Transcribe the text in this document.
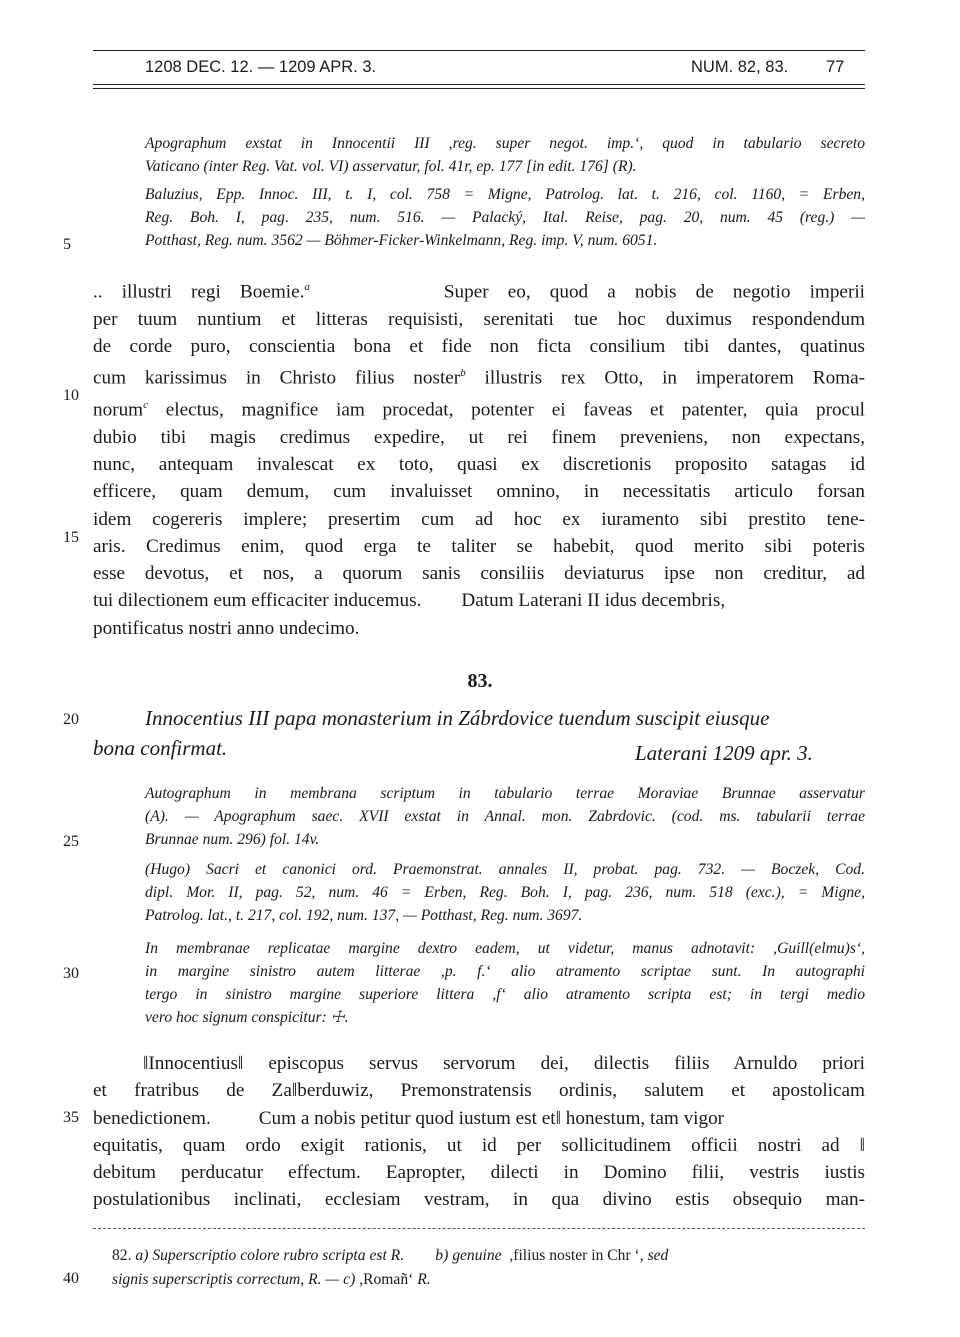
1208 DEC. 12. — 1209 APR. 3.	NUM. 82, 83. 77
Apographum exstat in Innocentii III ,reg. super negot. imp.‘, quod in tabulario secreto
Vaticano (inter Reg. Vat. vol. VI) asservatur, fol. 41r, ep. 177 [in edit. 176] (R).
Baluzius, Epp. Innoc. III, t. I, col. 758 = Migne, Patrolog. lat. t. 216, col. 1160, = Erben,
Reg. Boh. I, pag. 235, num. 516. — Palacký, Ital. Reise, pag. 20, num. 45 (reg.) —
Potthast, Reg. num. 3562 — Böhmer-Ficker-Winkelmann, Reg. imp. V, num. 6051.
5
.. illustri regi Boemie.$^a$	Super eo, quod a nobis de negotio imperii
per tuum nuntium et litteras requisisti, serenitati tue hoc duximus respondendum
de corde puro, conscientia bona et fide non ficta consilium tibi dantes, quatinus
cum karissimus in Christo filius noster$^b$ illustris rex Otto, in imperatorem Roma-
norum$^c$ electus, magnifice iam procedat, potenter ei faveas et patenter, quia procul
dubio tibi magis credimus expedire, ut rei finem preveniens, non expectans,
nunc, antequam invalescat ex toto, quasi ex discretionis proposito satagas id
efficere, quam demum, cum invaluisset omnino, in necessitatis articulo forsan
idem cogereris implere; presertim cum ad hoc ex iuramento sibi prestito tene-
aris. Credimus enim, quod erga te taliter se habebit, quod merito sibi poteris
esse devotus, et nos, a quorum sanis consiliis deviaturus ipse non creditur, ad
tui dilectionem eum efficaciter inducemus. Datum Laterani II idus decembris,
pontificatus nostri anno undecimo.
10
15
83.
Innocentius III papa monasterium in Zábrdovice tuendum suscipit eiusque
bona confirmat.	Laterani 1209 apr. 3.
20
Autographum in membrana scriptum in tabulario terrae Moraviae Brunnae asservatur
(A). — Apographum saec. XVII exstat in Annal. mon. Zabrdovic. (cod. ms. tabularii terrae
Brunnae num. 296) fol. 14v.
25
(Hugo) Sacri et canonici ord. Praemonstrat. annales II, probat. pag. 732. — Boczek, Cod.
dipl. Mor. II, pag. 52, num. 46 = Erben, Reg. Boh. I, pag. 236, num. 518 (exc.), = Migne,
Patrolog. lat., t. 217, col. 192, num. 137, — Potthast, Reg. num. 3697.
In membranae replicatae margine dextro eadem, ut videtur, manus adnotavit: ,Guill(elmu)s‘,
in margine sinistro autem litterae ,p. f.‘ alio atramento scriptae sunt. In autographi
tergo in sinistro margine superiore littera ,f‘ alio atramento scripta est; in tergi medio
vero hoc signum conspicitur: ☩.
30
‖Innocentius‖ episcopus servus servorum dei, dilectis filiis Arnuldo priori
et fratribus de Za‖berduwiz, Premonstratensis ordinis, salutem et apostolicam
benedictionem.	Cum a nobis petitur quod iustum est et‖ honestum, tam vigor
equitatis, quam ordo exigit rationis, ut id per sollicitudinem officii nostri ad ‖
debitum perducatur effectum. Eapropter, dilecti in Domino filii, vestris iustis
postulationibus inclinati, ecclesiam vestram, in qua divino estis obsequio man-
35
82. a) Superscriptio colore rubro scripta est R. b) genuine ,filius noster in Chr ‘, sed
signis superscriptis correctum, R. — c) ,Romañ‘ R.
40
